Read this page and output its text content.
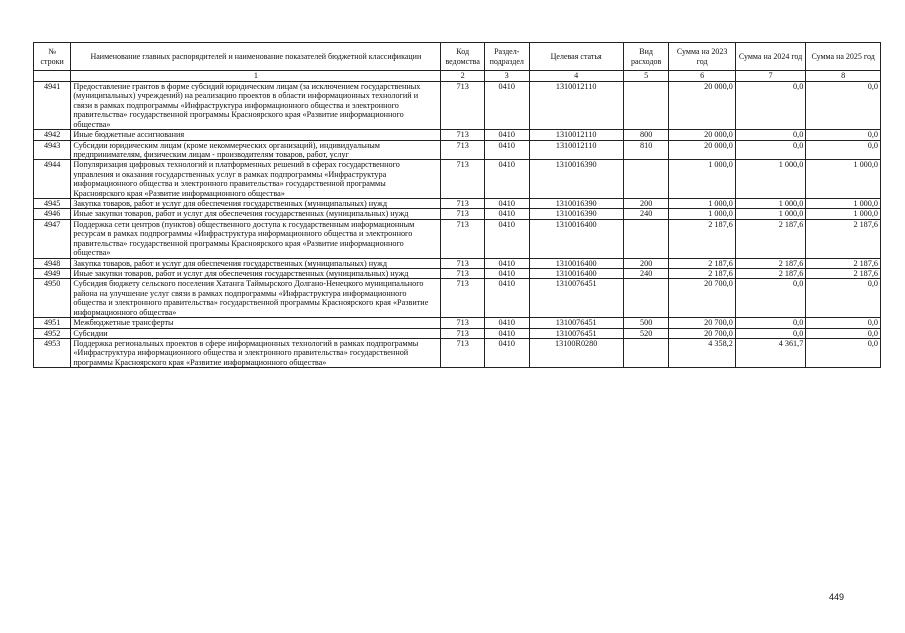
№ строки	Наименование главных распорядителей и наименование показателей бюджетной классификации	Код ведомства	Раздел-подраздел	Целевая статья	Вид расходов	Сумма на 2023 год	Сумма на 2024 год	Сумма на 2025 год
	1	2	3	4	5	6	7	8
4941	Предоставление грантов в форме субсидий юридическим лицам (за исключением государственных (муниципальных) учреждений) на реализацию проектов в области информационных технологий и связи в рамках подпрограммы «Инфраструктура информационного общества и электронного правительства» государственной программы Красноярского края «Развитие информационного общества»	713	0410	1310012110		20 000,0	0,0	0,0
4942	Иные бюджетные ассигнования	713	0410	1310012110	800	20 000,0	0,0	0,0
4943	Субсидии юридическим лицам (кроме некоммерческих организаций), индивидуальным предпринимателям, физическим лицам - производителям товаров, работ, услуг	713	0410	1310012110	810	20 000,0	0,0	0,0
4944	Популяризация цифровых технологий и платформенных решений в сферах государственного управления и оказания государственных услуг в рамках подпрограммы «Инфраструктура информационного общества и электронного правительства» государственной программы Красноярского края «Развитие информационного общества»	713	0410	1310016390		1 000,0	1 000,0	1 000,0
4945	Закупка товаров, работ и услуг для обеспечения государственных (муниципальных) нужд	713	0410	1310016390	200	1 000,0	1 000,0	1 000,0
4946	Иные закупки товаров, работ и услуг для обеспечения государственных (муниципальных) нужд	713	0410	1310016390	240	1 000,0	1 000,0	1 000,0
4947	Поддержка сети центров (пунктов) общественного доступа к государственным информационным ресурсам в рамках подпрограммы «Инфраструктура информационного общества и электронного правительства» государственной программы Красноярского края «Развитие информационного общества»	713	0410	1310016400		2 187,6	2 187,6	2 187,6
4948	Закупка товаров, работ и услуг для обеспечения государственных (муниципальных) нужд	713	0410	1310016400	200	2 187,6	2 187,6	2 187,6
4949	Иные закупки товаров, работ и услуг для обеспечения государственных (муниципальных) нужд	713	0410	1310016400	240	2 187,6	2 187,6	2 187,6
4950	Субсидия бюджету сельского поселения Хатанга Таймырского Долгано-Ненецкого муниципального района на улучшение услуг связи в рамках подпрограммы «Инфраструктура информационного общества и электронного правительства» государственной программы Красноярского края «Развитие информационного общества»	713	0410	1310076451		20 700,0	0,0	0,0
4951	Межбюджетные трансферты	713	0410	1310076451	500	20 700,0	0,0	0,0
4952	Субсидии	713	0410	1310076451	520	20 700,0	0,0	0,0
4953	Поддержка региональных проектов в сфере информационных технологий в рамках подпрограммы «Инфраструктура информационного общества и электронного правительства» государственной программы Красноярского края «Развитие информационного общества»	713	0410	13100R0280		4 358,2	4 361,7	0,0
449
